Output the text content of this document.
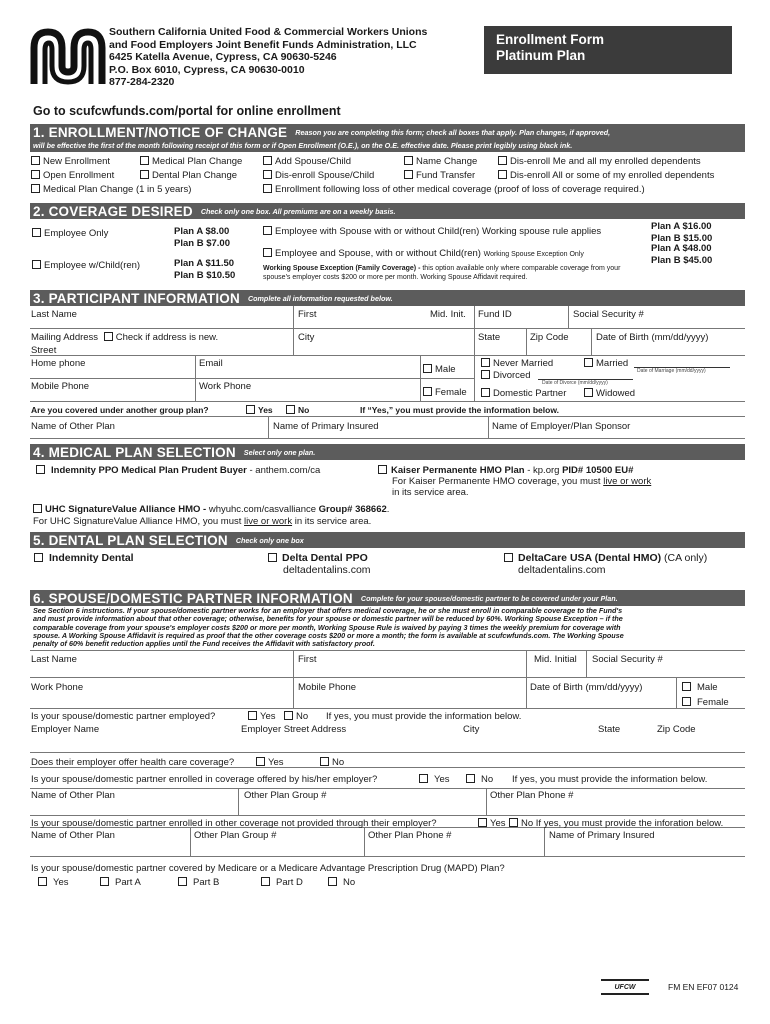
Southern California United Food & Commercial Workers Unions
and Food Employers Joint Benefit Funds Administration, LLC
6425 Katella Avenue, Cypress, CA 90630-5246
P.O. Box 6010, Cypress, CA 90630-0010
877-284-2320
Enrollment Form
Platinum Plan
Go to scufcwfunds.com/portal for online enrollment
1. ENROLLMENT/NOTICE OF CHANGE Reason you are completing this form; check all boxes that apply. Plan changes, if approved,
will be effective the first of the month following receipt of this form or if Open Enrollment (O.E.), on the O.E. effective date. Please print legibly using black ink.
New Enrollment
Open Enrollment
Medical Plan Change (1 in 5 years)
Medical Plan Change
Dental Plan Change
Add Spouse/Child
Dis-enroll Spouse/Child
Enrollment following loss of other medical coverage (proof of loss of coverage required.)
Name Change
Fund Transfer
Dis-enroll Me and all my enrolled dependents
Dis-enroll All or some of my enrolled dependents
2. COVERAGE DESIRED Check only one box. All premiums are on a weekly basis.
Employee Only	Plan A $8.00
Plan B $7.00
Employee w/Child(ren)	Plan A $11.50
Plan B $10.50
Employee with Spouse with or without Child(ren) Working spouse rule applies	Plan A $16.00
Plan B $15.00
Employee and Spouse, with or without Child(ren) Working Spouse Exception Only
Plan A $48.00
Plan B $45.00
Working Spouse Exception (Family Coverage) - this option available only where comparable coverage from your
spouse's employer costs $200 or more per month. Working Spouse Affidavit required.
3. PARTICIPANT INFORMATION Complete all information requested below.
Last Name	First	Mid. Init. Fund ID	Social Security #
Mailing Address Check if address is new.
Street
City	State	Zip Code	Date of Birth (mm/dd/yyyy)
Home phone	Email
Mobile Phone	Work Phone
Male
Female
Never Married
Divorced
Married
Date of Marriage (mm/dd/yyyy)
Date of Divorce (mm/dd/yyyy)
Domestic Partner	Widowed
Are you covered under another group plan?	Yes	No	If “Yes,” you must provide the information below.
Name of Other Plan	Name of Primary Insured	Name of Employer/Plan Sponsor
4. MEDICAL PLAN SELECTION Select only one plan.
Indemnity PPO Medical Plan Prudent Buyer - anthem.com/ca	Kaiser Permanente HMO Plan - kp.org PID# 10500 EU#
For Kaiser Permanente HMO coverage, you must live or work
in its service area.
UHC SignatureValue Alliance HMO - whyuhc.com/casvalliance Group# 368662.
For UHC SignatureValue Alliance HMO, you must live or work in its service area.
5. DENTAL PLAN SELECTION Check only one box
Indemnity Dental	Delta Dental PPO
deltadentalins.com
DeltaCare USA (Dental HMO) (CA only)
deltadentalins.com
6. SPOUSE/DOMESTIC PARTNER INFORMATION Complete for your spouse/domestic partner to be covered under your Plan.
See Section 6 instructions. If your spouse/domestic partner works for an employer that offers medical coverage, he or she must enroll in comparable coverage to the Fund's
and must provide information about that other coverage; otherwise, benefits for your spouse or domestic partner will be reduced by 60%. Working Spouse Exception – if the
comparable coverage from your spouse's employer costs $200 or more per month, Working Spouse Rule is waived by paying 3 times the weekly premium for coverage with
spouse. A Working Spouse Affidavit is required as proof that the other coverage costs $200 or more a month; the form is available at scufcwfunds.com. The Working Spouse
penalty of 60% benefit reduction applies until the Fund receives the Affidavit with satisfactory proof.
Last Name	First	Mid. Initial Social Security #
Work Phone	Mobile Phone	Date of Birth (mm/dd/yyyy)	Male
Female
Is your spouse/domestic partner employed?	Yes	No If yes, you must provide the information below.
Employer Name	Employer Street Address	City	State	Zip Code
Does their employer offer health care coverage?	Yes	No
Is your spouse/domestic partner enrolled in coverage offered by his/her employer?	Yes	No If yes, you must provide the information below.
Name of Other Plan	Other Plan Group #	Other Plan Phone #
Is your spouse/domestic partner enrolled in other coverage not provided through their employer?	Yes	No If yes, you must provide the inforation below.
Name of Other Plan	Other Plan Group #	Other Plan Phone #	Name of Primary Insured
Is your spouse/domestic partner covered by Medicare or a Medicare Advantage Prescription Drug (MAPD) Plan?
Yes	Part A	Part B	Part D	No
UFCW	FM EN EF07 0124
